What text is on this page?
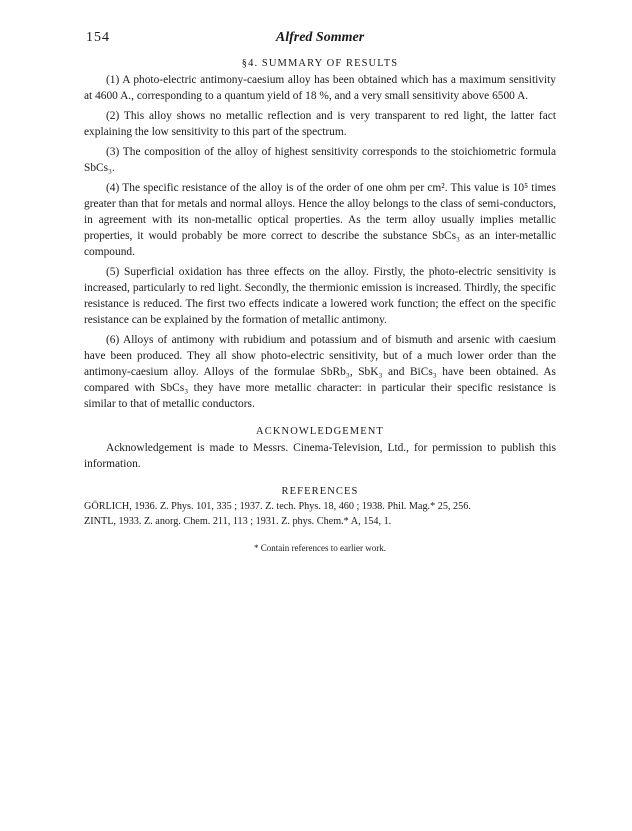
154	Alfred Sommer
§4. SUMMARY OF RESULTS

(1) A photo-electric antimony-caesium alloy has been obtained which has a maximum sensitivity at 4600 A., corresponding to a quantum yield of 18 %, and a very small sensitivity above 6500 A.

(2) This alloy shows no metallic reflection and is very transparent to red light, the latter fact explaining the low sensitivity to this part of the spectrum.

(3) The composition of the alloy of highest sensitivity corresponds to the stoichiometric formula SbCs₃.

(4) The specific resistance of the alloy is of the order of one ohm per cm². This value is 10⁵ times greater than that for metals and normal alloys. Hence the alloy belongs to the class of semi-conductors, in agreement with its non-metallic optical properties. As the term alloy usually implies metallic properties, it would probably be more correct to describe the substance SbCs₃ as an inter-metallic compound.

(5) Superficial oxidation has three effects on the alloy. Firstly, the photo-electric sensitivity is increased, particularly to red light. Secondly, the thermionic emission is increased. Thirdly, the specific resistance is reduced. The first two effects indicate a lowered work function; the effect on the specific resistance can be explained by the formation of metallic antimony.

(6) Alloys of antimony with rubidium and potassium and of bismuth and arsenic with caesium have been produced. They all show photo-electric sensitivity, but of a much lower order than the antimony-caesium alloy. Alloys of the formulae SbRb₃, SbK₃ and BiCs₃ have been obtained. As compared with SbCs₃ they have more metallic character: in particular their specific resistance is similar to that of metallic conductors.

ACKNOWLEDGEMENT

Acknowledgement is made to Messrs. Cinema-Television, Ltd., for permission to publish this information.

REFERENCES

GÖRLICH, 1936. Z. Phys. 101, 335 ; 1937. Z. tech. Phys. 18, 460 ; 1938. Phil. Mag.* 25, 256.

ZINTL, 1933. Z. anorg. Chem. 211, 113 ; 1931. Z. phys. Chem.* A, 154, 1.

* Contain references to earlier work.
